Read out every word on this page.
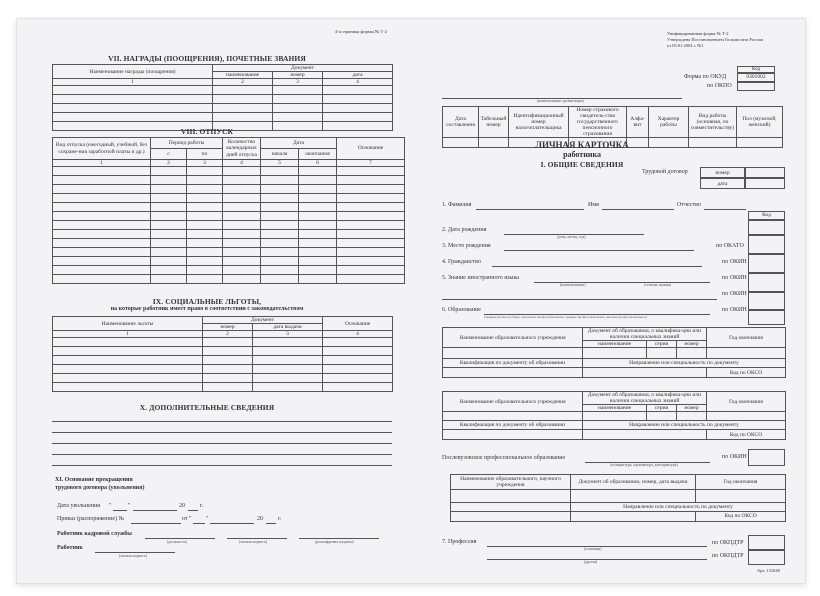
4-я страница формы № Т-2
VII. НАГРАДЫ (ПООЩРЕНИЯ), ПОЧЕТНЫЕ ЗВАНИЯ
Наименование награды (поощрения)	Документ		
	наименование	номер	дата
1	2	3	4

VIII. ОТПУСК
Вид отпуска (ежегодный, учебный, без сохране-ния заработной платы и др.)	Период работы		Количество календарных дней отпуска	Дата		Основание
	с	по		начала	окончания	
1	2	3	4	5	6	7

IX. СОЦИАЛЬНЫЕ ЛЬГОТЫ,
на которые работник имеет право в соответствии с законодательством
Наименование льготы	Документ		Основание
	номер	дата выдачи	
1	2	3	4

X. ДОПОЛНИТЕЛЬНЫЕ СВЕДЕНИЯ
XI. Основание прекращения
трудового договора (увольнения)
Дата увольнения "	"	20	г.
Приказ (распоряжение) №	от " "	20	г.
Работник кадровой службы
(должность)	(личная подпись)	(расшифровка подписи)
Работник
(личная подпись)
Унифицированная форма № Т-2
Утверждена Постановлением Госкомстата России
от 05.01.2004 г. №1
Код
Форма по ОКУД	0301002
по ОКПО
(наименование организации)
Дата составления	Табельный номер	Идентификационный номер налогоплательщика	Номер страхового свидетель-ства государственного пенсионного страхования	Алфа-вит	Характер работы	Вид работы (основная, по совместительству)	Пол (мужской, женский)

ЛИЧНАЯ КАРТОЧКА
работника
I. ОБЩИЕ СВЕДЕНИЯ
Трудовой договор	номер
дата
1. Фамилия	Имя	Отчество
Код
2. Дата рождения
(день, месяц, год)
3. Место рождения	по ОКАТО
4. Гражданство	по ОКИН
5. Знание иностранного языка
(наименование)	(степень знания)
по ОКИН
по ОКИН
6. Образование
(среднее (полное) общее, начальное профессиональное, среднее профессиональное, высшее профессиональное)
по ОКИН
Наименование образовательного учреждения	Документ об образовании, о квалифика-ции или наличии специальных знаний			Год окончания
	наименование	серия	номер	

Квалификация по документу об образовании	Направление или специальность по документу			
				Код по ОКСО
Наименование образовательного учреждения	Документ об образовании, о квалифика-ции или наличии специальных знаний			Год окончания
	наименование	серия	номер	

Квалификация по документу об образовании	Направление или специальность по документу			
				Код по ОКСО
Послевузовское профессиональное образование
(аспирантура, адъюнктура, докторантура)
по ОКИН
Наименование образовательного, научного учреждения	Документ об образовании, номер, дата выдачи	Год окончания

	Направление или специальность по документу	
		Код по ОКСО
7. Профессия
(основная)
по ОКПДТР
(другая)
по ОКПДТР
Арт. 131048
